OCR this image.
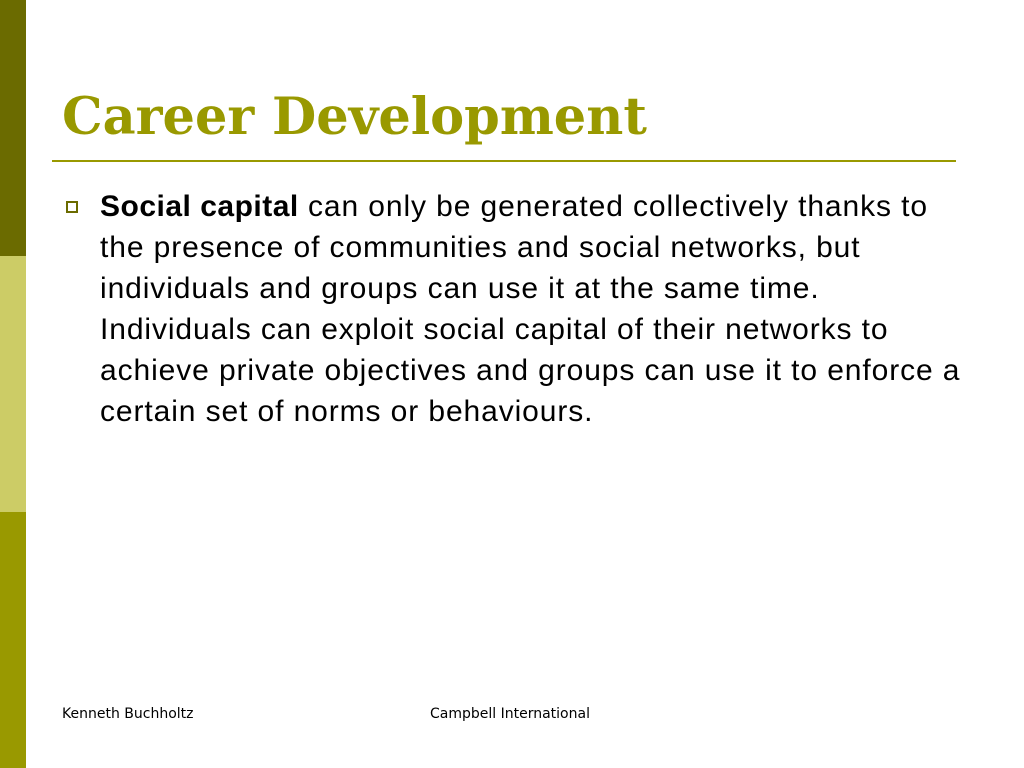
Career Development

Social capital can only be generated collectively thanks to the presence of communities and social networks, but individuals and groups can use it at the same time. Individuals can exploit social capital of their networks to achieve private objectives and groups can use it to enforce a certain set of norms or behaviours.

Kenneth Buchholtz	Campbell International
